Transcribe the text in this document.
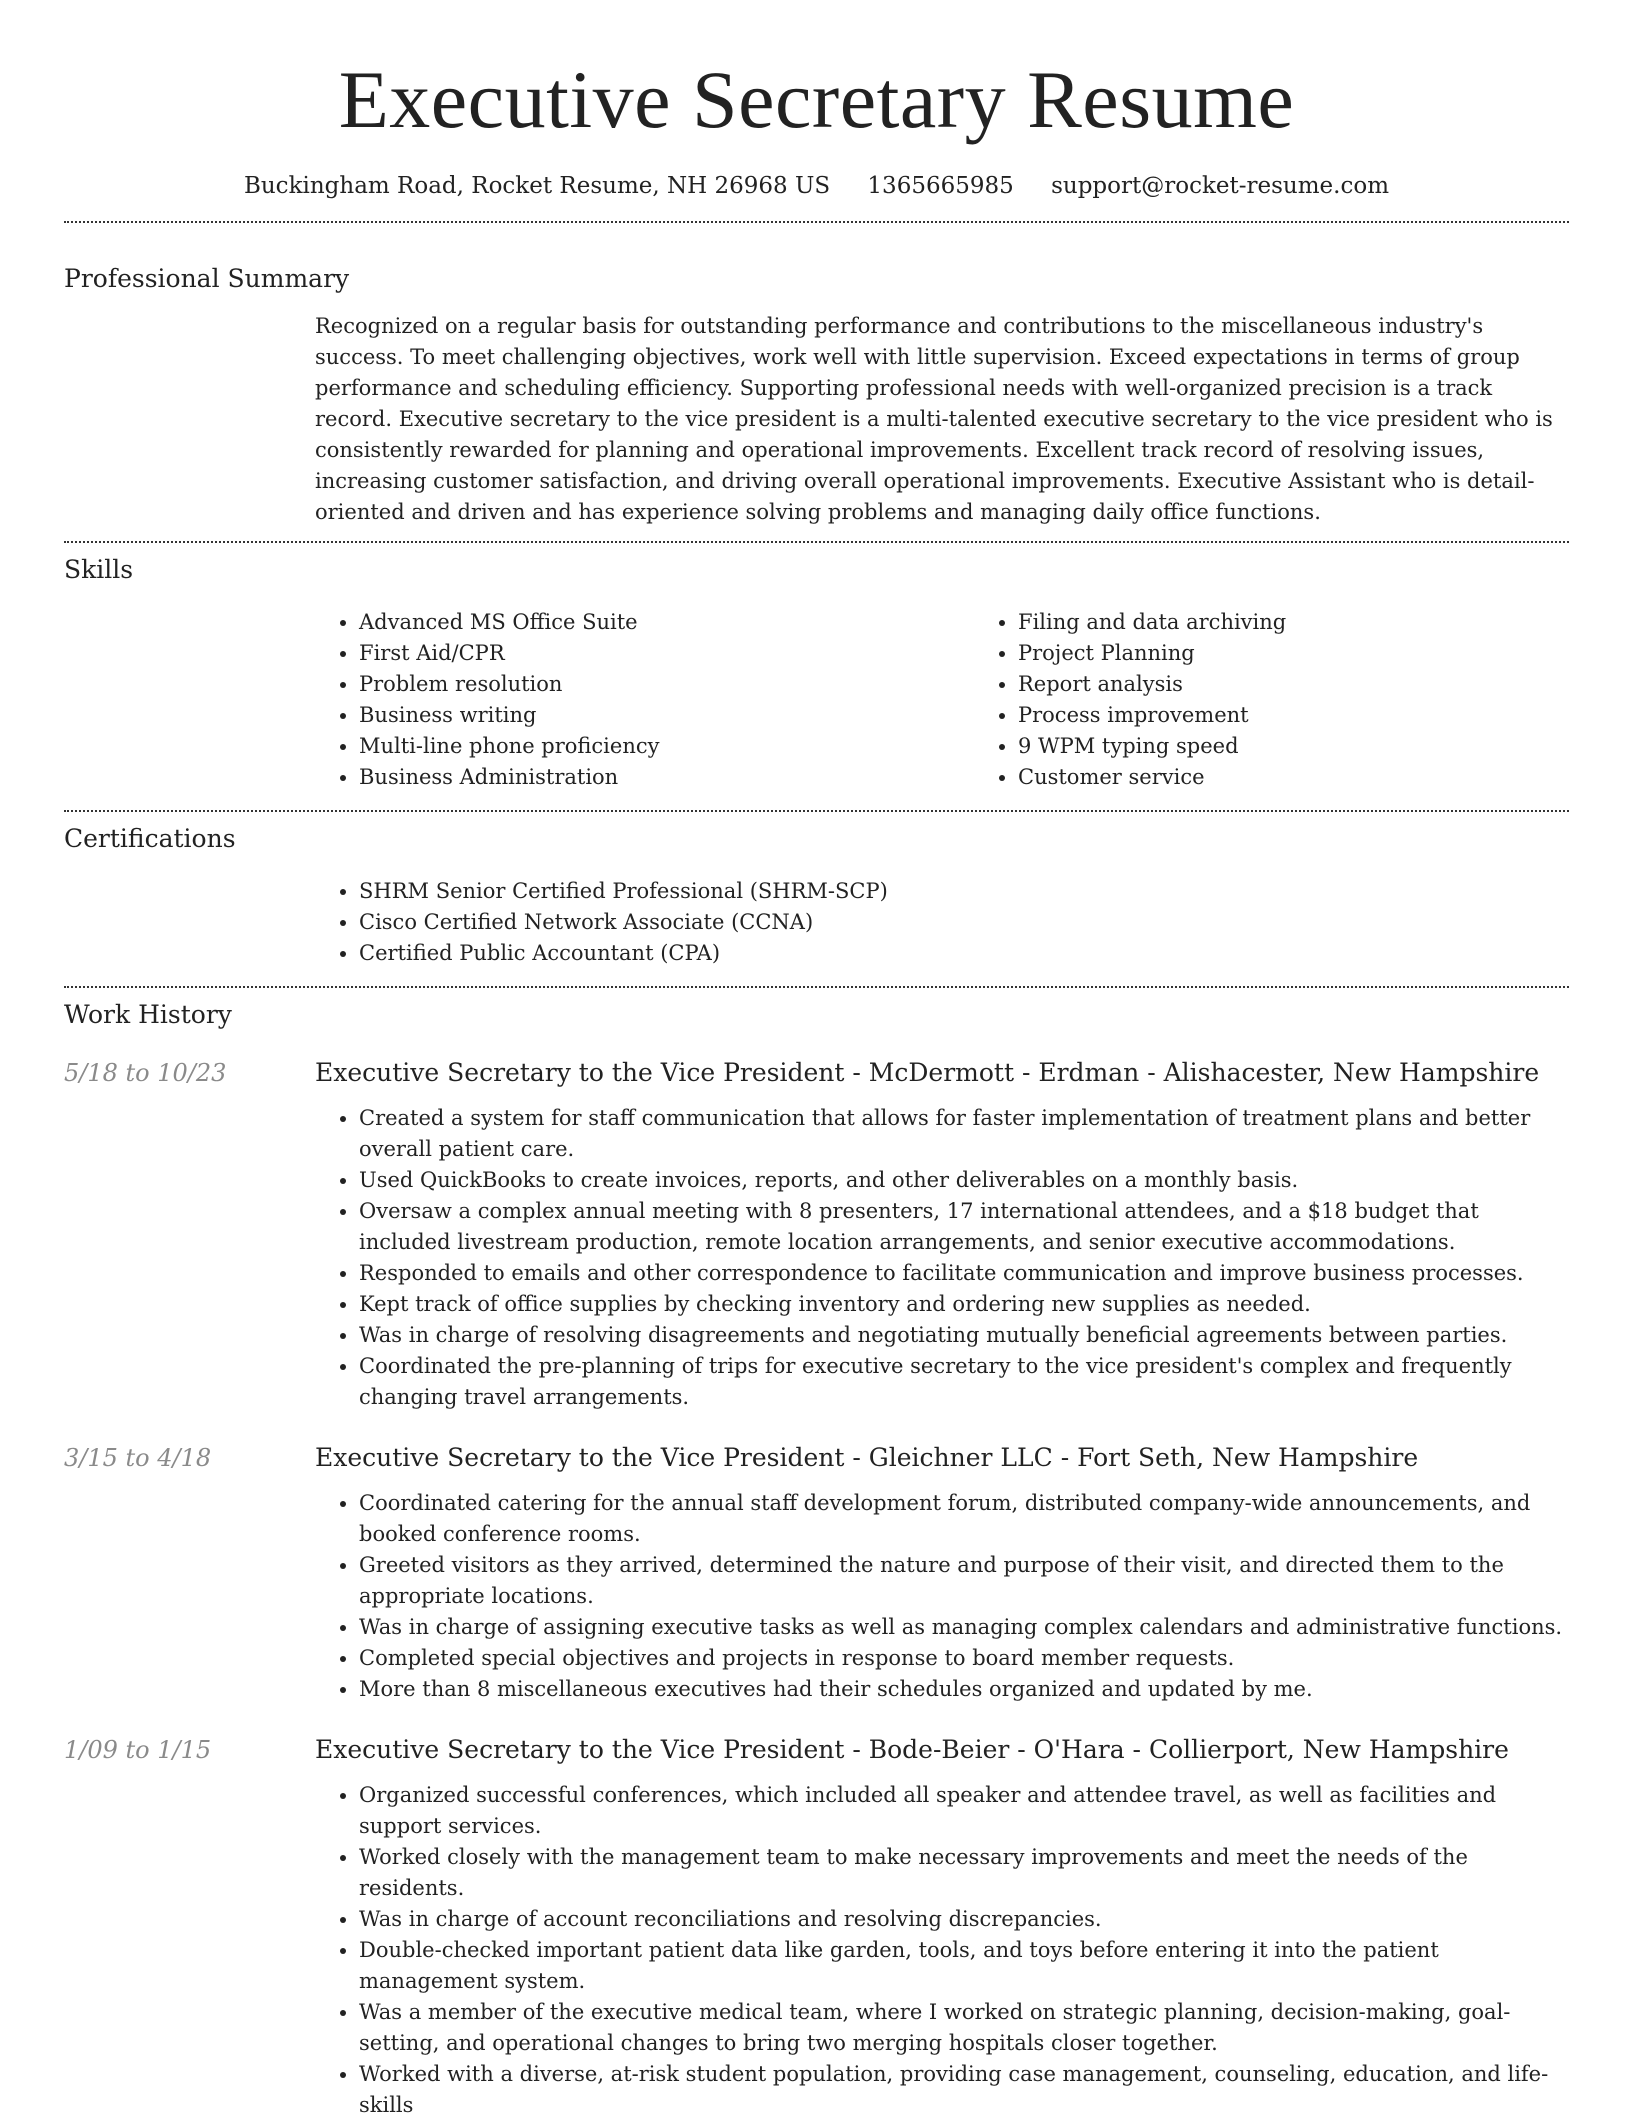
Executive Secretary Resume
Buckingham Road, Rocket Resume, NH 26968 US 1365665985 support@rocket-resume.com
Professional Summary

Recognized on a regular basis for outstanding performance and contributions to the miscellaneous industry's success. To meet challenging objectives, work well with little supervision. Exceed expectations in terms of group performance and scheduling efficiency. Supporting professional needs with well-organized precision is a track record. Executive secretary to the vice president is a multi-talented executive secretary to the vice president who is consistently rewarded for planning and operational improvements. Excellent track record of resolving issues, increasing customer satisfaction, and driving overall operational improvements. Executive Assistant who is detail-oriented and driven and has experience solving problems and managing daily office functions.

Skills
• Advanced MS Office Suite
• First Aid/CPR
• Problem resolution
• Business writing
• Multi-line phone proficiency
• Business Administration
• Filing and data archiving
• Project Planning
• Report analysis
• Process improvement
• 9 WPM typing speed
• Customer service
Certifications
• SHRM Senior Certified Professional (SHRM-SCP)
• Cisco Certified Network Associate (CCNA)
• Certified Public Accountant (CPA)
Work History
5/18 to 10/23	Executive Secretary to the Vice President - McDermott - Erdman - Alishacester, New Hampshire
• Created a system for staff communication that allows for faster implementation of treatment plans and better overall patient care.
• Used QuickBooks to create invoices, reports, and other deliverables on a monthly basis.
• Oversaw a complex annual meeting with 8 presenters, 17 international attendees, and a $18 budget that included livestream production, remote location arrangements, and senior executive accommodations.
• Responded to emails and other correspondence to facilitate communication and improve business processes.
• Kept track of office supplies by checking inventory and ordering new supplies as needed.
• Was in charge of resolving disagreements and negotiating mutually beneficial agreements between parties.
• Coordinated the pre-planning of trips for executive secretary to the vice president's complex and frequently changing travel arrangements.
3/15 to 4/18	Executive Secretary to the Vice President - Gleichner LLC - Fort Seth, New Hampshire
• Coordinated catering for the annual staff development forum, distributed company-wide announcements, and booked conference rooms.
• Greeted visitors as they arrived, determined the nature and purpose of their visit, and directed them to the appropriate locations.
• Was in charge of assigning executive tasks as well as managing complex calendars and administrative functions.
• Completed special objectives and projects in response to board member requests.
• More than 8 miscellaneous executives had their schedules organized and updated by me.
1/09 to 1/15	Executive Secretary to the Vice President - Bode-Beier - O'Hara - Collierport, New Hampshire
• Organized successful conferences, which included all speaker and attendee travel, as well as facilities and support services.
• Worked closely with the management team to make necessary improvements and meet the needs of the residents.
• Was in charge of account reconciliations and resolving discrepancies.
• Double-checked important patient data like garden, tools, and toys before entering it into the patient management system.
• Was a member of the executive medical team, where I worked on strategic planning, decision-making, goal-setting, and operational changes to bring two merging hospitals closer together.
• Worked with a diverse, at-risk student population, providing case management, counseling, education, and life-skills
